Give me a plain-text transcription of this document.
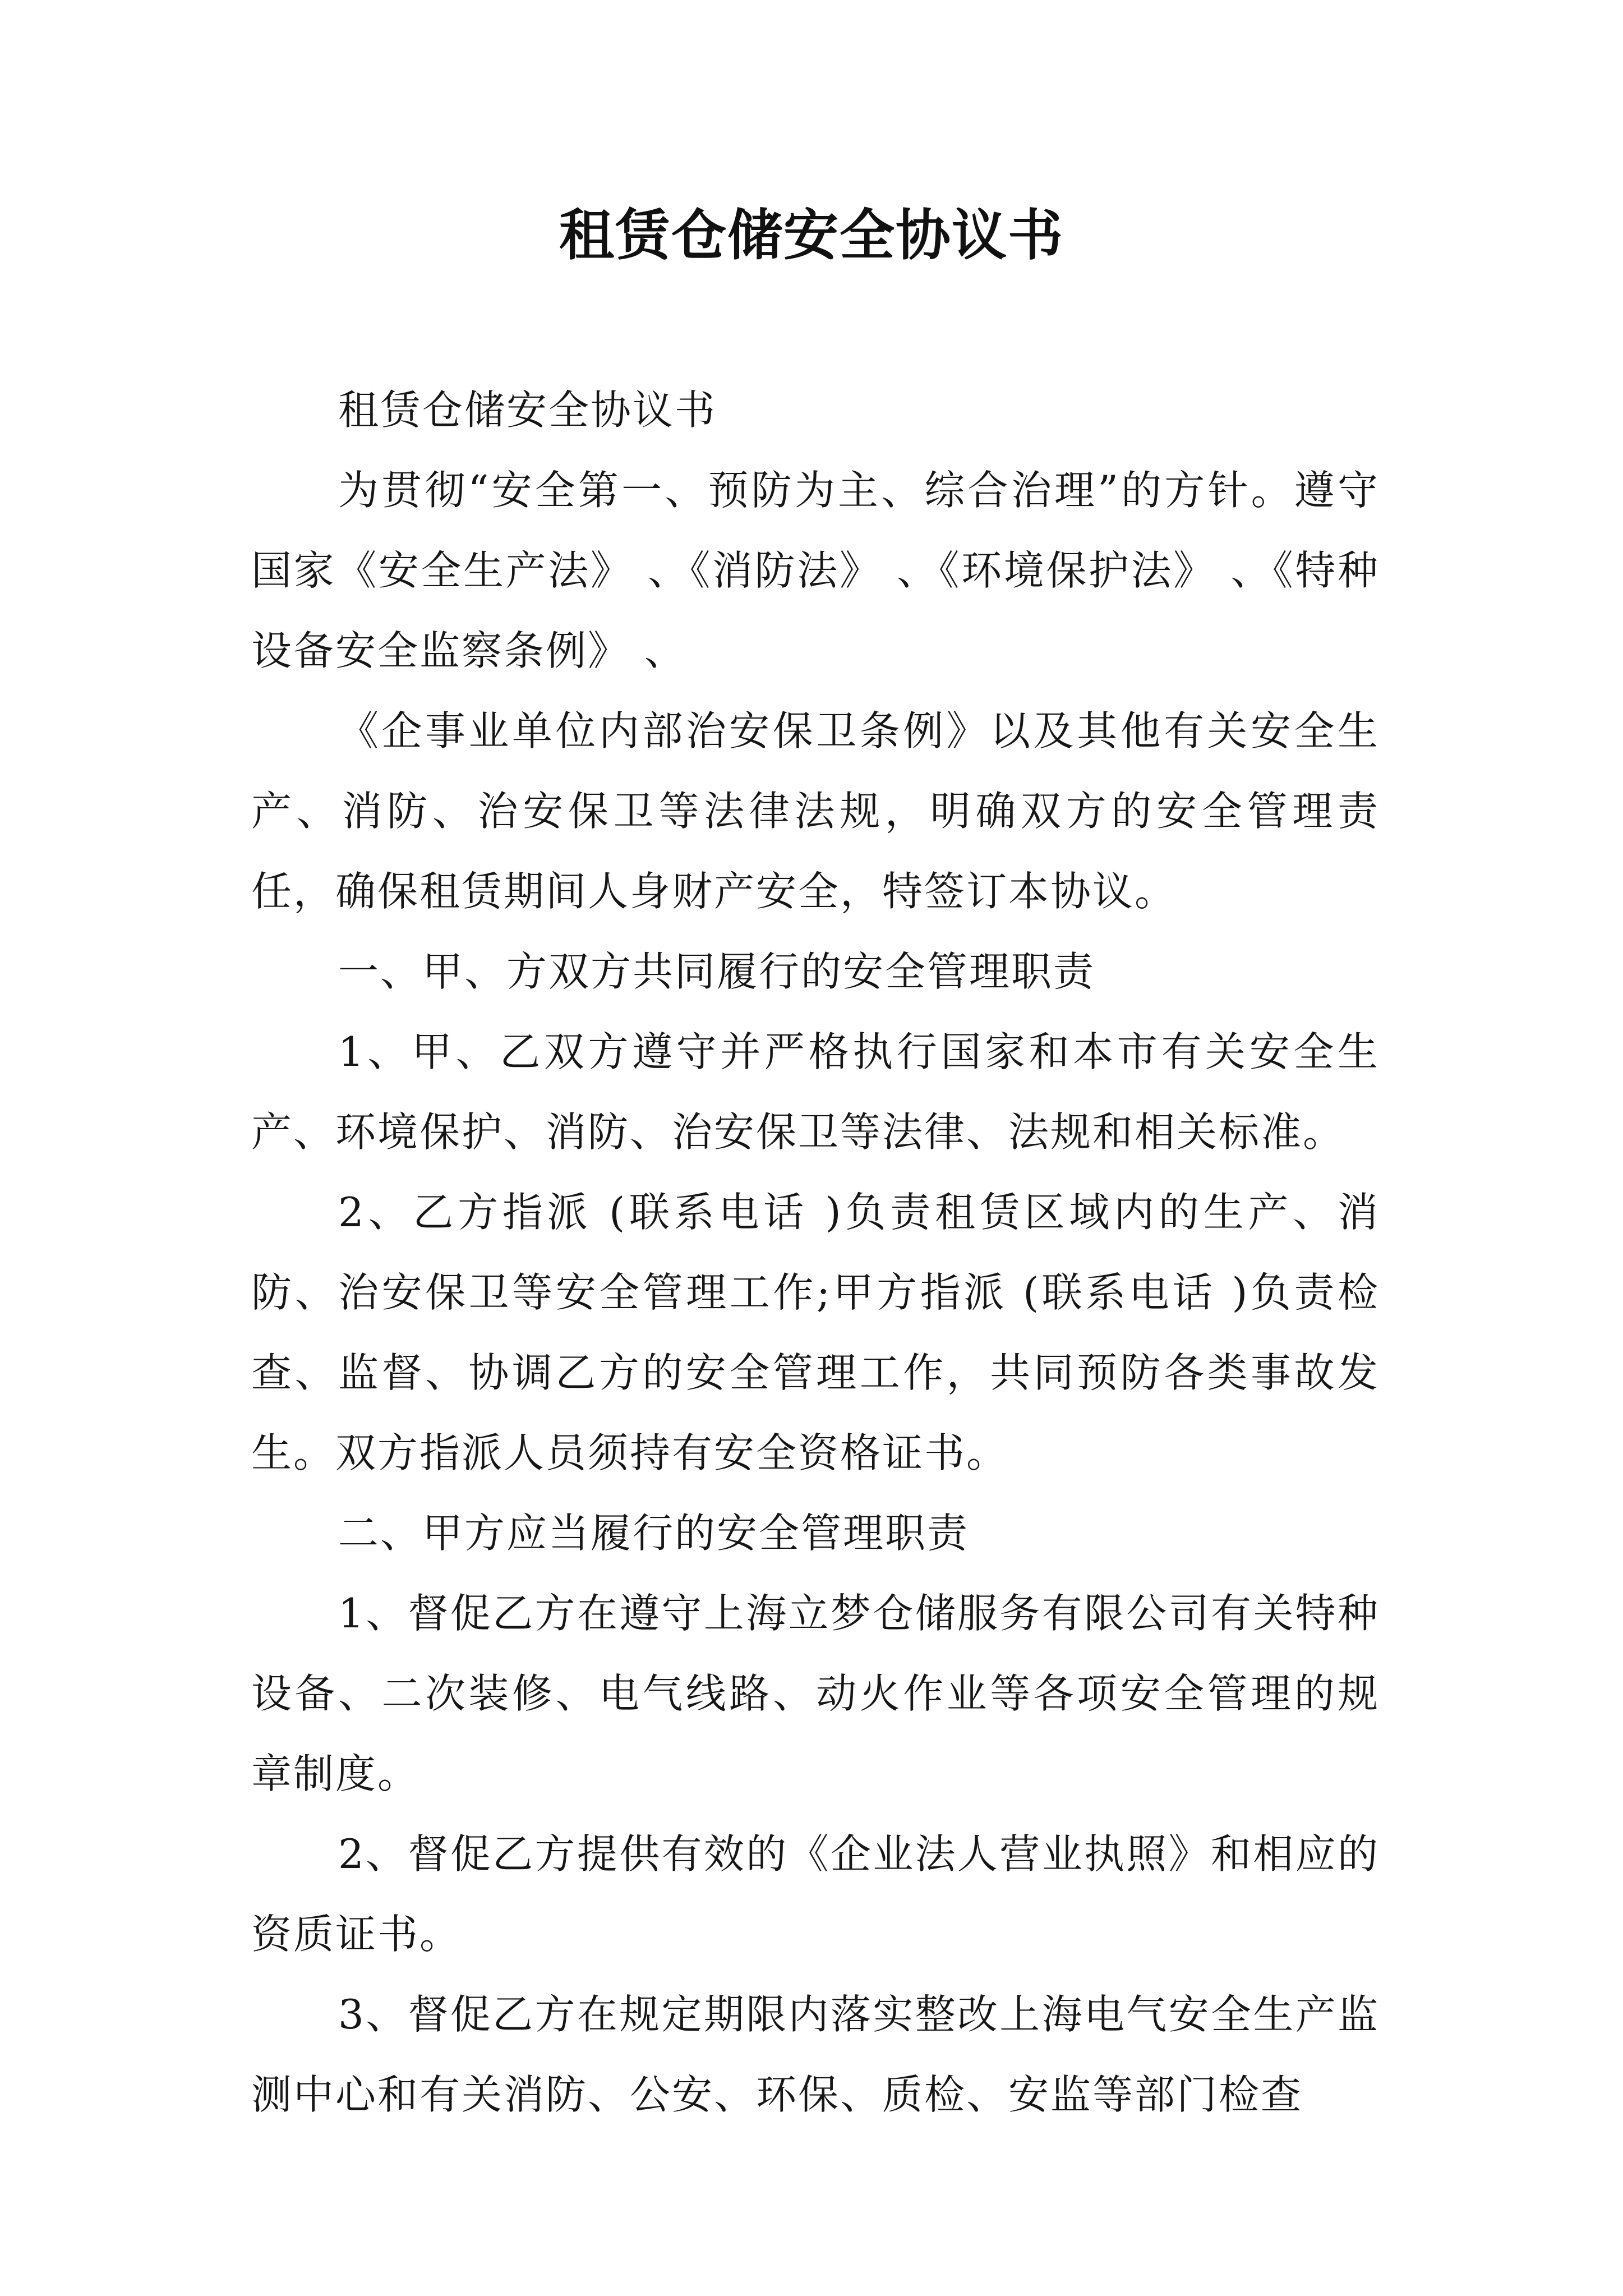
租赁仓储安全协议书

租赁仓储安全协议书

为贯彻“安全第一、预防为主、综合治理”的方针。遵守国家《安全生产法》 、《消防法》 、《环境保护法》 、《特种设备安全监察条例》 、

《企事业单位内部治安保卫条例》以及其他有关安全生产、消防、治安保卫等法律法规，明确双方的安全管理责任，确保租赁期间人身财产安全，特签订本协议。

一、甲、方双方共同履行的安全管理职责

1、甲、乙双方遵守并严格执行国家和本市有关安全生产、环境保护、消防、治安保卫等法律、法规和相关标准。

2、乙方指派 (联系电话 )负责租赁区域内的生产、消防、治安保卫等安全管理工作;甲方指派 (联系电话 )负责检查、监督、协调乙方的安全管理工作，共同预防各类事故发生。双方指派人员须持有安全资格证书。

二、甲方应当履行的安全管理职责

1、督促乙方在遵守上海立梦仓储服务有限公司有关特种设备、二次装修、电气线路、动火作业等各项安全管理的规章制度。

2、督促乙方提供有效的《企业法人营业执照》和相应的资质证书。

3、督促乙方在规定期限内落实整改上海电气安全生产监测中心和有关消防、公安、环保、质检、安监等部门检查
